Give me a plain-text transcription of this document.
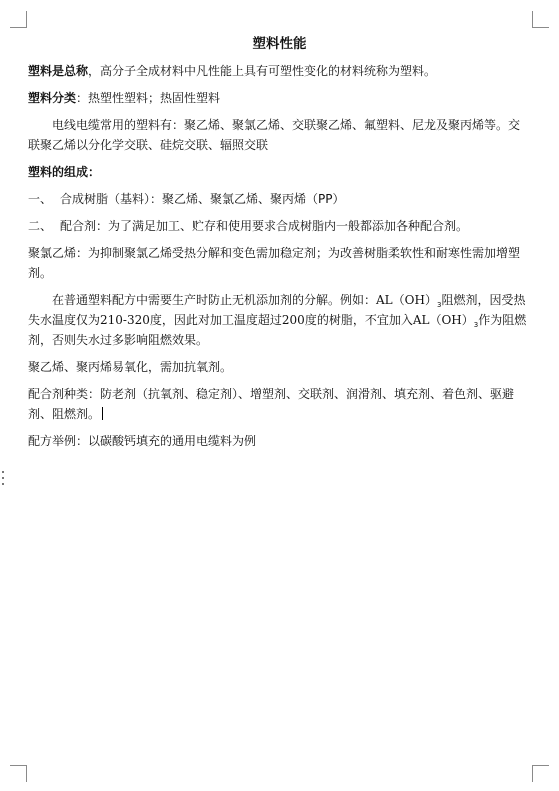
塑料性能

塑料是总称，高分子全成材料中凡性能上具有可塑性变化的材料统称为塑料。

塑料分类：热塑性塑料；热固性塑料

电线电缆常用的塑料有：聚乙烯、聚氯乙烯、交联聚乙烯、氟塑料、尼龙及聚丙烯等。交联聚乙烯以分化学交联、硅烷交联、辐照交联

塑料的组成：

一、 合成树脂（基料）：聚乙烯、聚氯乙烯、聚丙烯（PP）

二、 配合剂：为了满足加工、贮存和使用要求合成树脂内一般都添加各种配合剂。

聚氯乙烯：为抑制聚氯乙烯受热分解和变色需加稳定剂；为改善树脂柔软性和耐寒性需加增塑剂。

在普通塑料配方中需要生产时防止无机添加剂的分解。例如：$AL(OH)_3$阻燃剂，因受热失水温度仅为210-320度，因此对加工温度超过200度的树脂，不宜加入$AL(OH)_3$作为阻燃剂，否则失水过多影响阻燃效果。

聚乙烯、聚丙烯易氧化，需加抗氧剂。

配合剂种类：防老剂（抗氧剂、稳定剂）、增塑剂、交联剂、润滑剂、填充剂、着色剂、驱避剂、阻燃剂。

配方举例：以碳酸钙填充的通用电缆料为例
